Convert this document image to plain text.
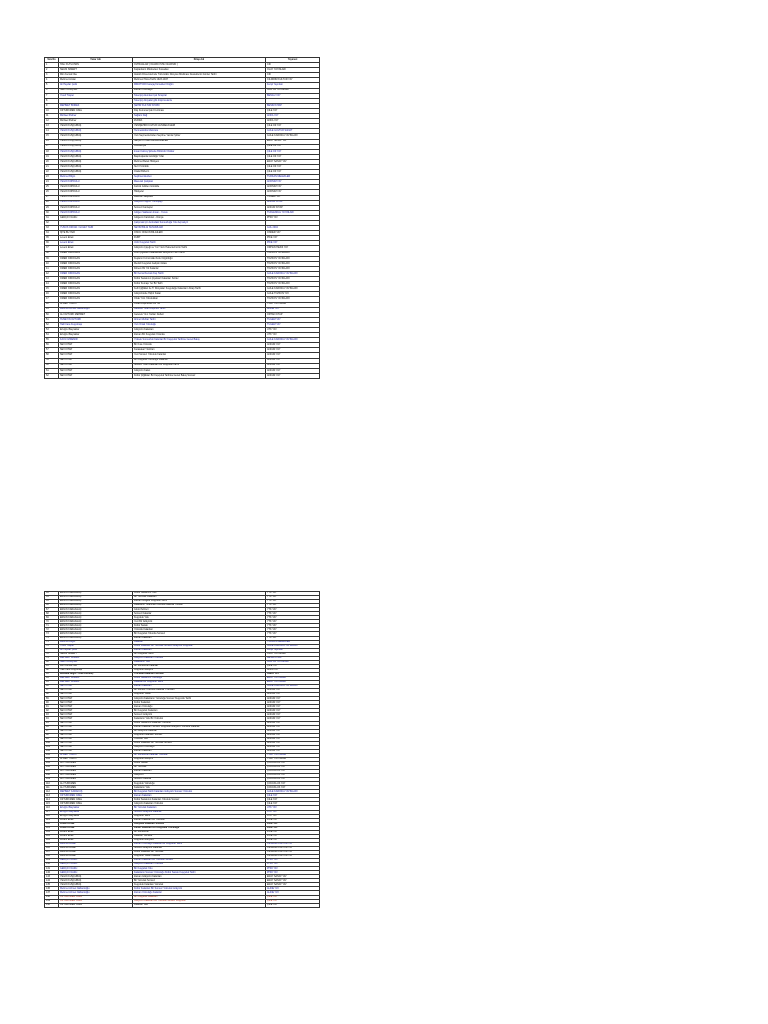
Sıra No	Yazar Adı	Kitap Adı	Yayınevi
1	HALİ KUTLUHAN	OLTRAGLAR ( OLMAK İSTE OLMASIN )	CİK
2	SELİM İSMERT	Kaptanların Müsbetten Kıssadan	OLAY YAYINLARI
3	Mim Kemal Öke	Atatürk Dönemlerinde Türk-İslâm Dünyası Misliması Desteklerini Günler Tarihi	CİK
4	Mehmet Arslan	Mehmed Hoca Tarihi 1923-1947	CİLDİRIM KÜLTÜR YAY
5	Ali Haydar Çelik	MİRATTAR Karaçayl Emekleri Düğün	Ferşit Yayınları
6	Sabri Özbeyhan	Zaman Yolculuğu	GÜZ ÖZ YAYINLARI
7	Yusuf Tüsper	Tekerpiç Alemden Işık Sıraçılar	BENGÜ YAY
8		Tekerpiç dünyalar gibi düşüncelerde	
9	MEHMET BÖREK	ŞEHİR KÜLTÜR KİTABI	BESİM KİTAP
10	ÖZTÜRKMEN ÖZEL	Düş Kumuna Çalı Kıvrılması	ÇİLE YAY
11	Michael Palmer	Sağlam Dağ	ANKA YAY
12	Michael Palmer	ZÜRRA	ANKA YAY
13	YEGİN KUŞÇUBAŞ	YENİŞEHİR KÜLTÜR GÜNDELİKLERİ	ÇİLE ÖZ YAY
14	YEGİN KUŞÇUBAŞ	Hermeskülüs Manzara	GÜLE GÜLTÜR SANAT
15	YEGİN KUŞÇUBAŞ	Yazı Seçmenlerinden Seçilme Yazılar Şiirler	GÜLE KARINCA YAYINLARI
16	YEGİN KUŞÇUBAŞ	SEÇİM KIYMETLENDİRMELER	ERAY SANAT YAY
17	YEGİN KUŞÇUBAŞ	KARABİÇE	ÇİLE ÖZ YAY
18	YEGİN KUŞÇUBAŞ	İnsan Kalmış Şirkette Bölümlü Oldular	ÇİLE ÖZ YAY
19	YEGİN KUŞÇUBAŞ	Başıboşlarda Gördüğü Yıllar	ÇİLE ÖZ YAY
20	YEGİN KUŞÇUBAŞ	Mehmet Belek Hikâyesi	ERAY SANAT YAY
21	YEGİN KUŞÇUBAŞ	Sivil Yürürdük	ÇİLE ÖZ YAY
22	YEGİN KUŞÇUBAŞ	Oralar Bizlerin	ÇİLE ÖZ YAY
23	Mehmet Bilgin	Seçilmemilerden	TÜRKAN MELEKLER
24	YEGİN KOPRÜLÜ	Maceralı Çalışkan	ANONİM YAY
25	YEGİN KOPRÜLÜ	Kazılık Gölden Gönülde	ANONİM YAY
26	YEGİN KOPRÜLÜ	Hikâyeler	ANONİM YAY
27	YEGİN KOPRÜLÜ	Macera Hikâyeleri	TÜGEM YAY
28	YEGİN KOPRÜLÜ	Gökyüzü Sığınır Yumuşağı	ANKÜR KİTAP
29	YEGİN KOPRÜLÜ	Sonsuz Kardeşler	ANKÜR KİTAP
30	YEGİN KOPRÜLÜ	Gölgen Saklanan İnsan - Yunus	TÜRLENKAL YAYINLARI
31	GENÇAY NAZLI	Gölgenin Kalıntıları - Dünya	PHİÖ YAY
32		Çalışmak İçin Ardındaki Sonsuzluğa Yolu Açmalıyız	
33	YUNUS ÖZKAN / GÜLEY NUR	SEVİM BİLGİ SUNUMLARI	GÜL 2004
34	İŞTE BU YER	ÖNCÜ ÖNGÜN BİLGİLERİ	ÖNDER YAY
35	Levent Ertek	DÜRT	PİKE YAY
36	Levent Ertek	Ünlü Kuşçuluk Tarihi	PİKE YAY
37	Levent Ertek	Gökyüzü Çiçeği ve Yüz Yüzü Haberlerimizin Tarihi	ORHAN HEZİZ YAY
38	ÖMER ÖZDOĞAN	Kılık Çığlıkları Kalanlardan Dünya'nın Son Tarihi	TOZKOS YAYINLARI
39	ÖMER ÖZDOĞAN	Kuşların Kırmızıdaki Kolu Özgürlüğü	TOZKOS YAYINLARI
40	ÖMER ÖZDOĞAN	Mevlid Kuşçuluk Gelişimi Atlası	TOZKOS YAYINLARI
41	ÖMER ÖZDOĞAN	Dönem Bir Yol Kalanlar	TOZKOS YAYINLARI
42	ÖMER ÖZDOĞAN	Bir Kemal Kemalı Kuş Tarihi	GÜLE KARINCA YAYINLARI
43	ÖMER ÖZDOĞAN	Kültür Sanatının Çiçekleri Kalanları Sözler	TOZKOS YAYINLARI
44	ÖMER ÖZDOĞAN	Kültür Kumaşı Yer Bir Tarih	TOZKOS YAYINLARI
45	ÖMER ÖZDOĞAN	Kelli Çiğlikları ile Tr Dünyaları Kuşçuluğu Kalanların Kitap Tarihi	GÜLE KARINCA YAYINLARI
46	ÖMER ÖZDOĞAN	Gökyüzünde Hiçbir Kalan	GÜLE TOZKOS YAY
47	ÖMER ÖZDOĞAN	Ortak Yılın Yolculukları	TOZKOS YAYINLARI
48	AHMET YAZICI	Ortak Düşünceler Bir Yer	YURT YAYINLARI
49	Mehmet Ahmet Nalbantoğlu	Gelecek Yıllar Düşünce Tarihi	ALİNE YAY
50	ALİ ÖZTÜRK MEHMET	Gelecek Yılın Yazları Defteri	ORTAK KİTAP
51	HÜSEYİN ÖZTÜRK	Ahmet Muhtar Tarihi	TÜGEM YAY
52	Halil Kara Kuşçubaşı	Yazı Ortak Yolculuğu	TÜGEM YAY
53	Ertuğrul Bayraktar	Gökyüzü Kalanları	ÜTK YAY
54	Ertuğrul Bayraktar	Zaman Bir Kuşçuluk Yolunda	ÜTK YAY
55	KAYA ÖZDEMİR	Yüksek Sonsuzluk Kalanlar Bir Kuşçuluk Tarihine Genel Bakış	GÜLE KARINCA YAYINLARI
56	SEV KİTAP	Bir Kısa Yolculuk	ANKÜR YAY
57	SEV KİTAP	Karasakal Yıldızları	ANKÜR YAY
58	SEV KİTAP	Yeni Sonsuz Yolculuk Kalanlar	ANKÜR YAY
59	SEV KİTAP	Bir Kuşçuluk Yolculuğu Kalanlar	ANKÜR YAY
60	SEV KİTAP	Sonsuz Yolun Kalanları Bir Kuşçuluk Tarihi	ANKÜR YAY
61	SEV KİTAP	Gökyüzü Kalan	ANKÜR YAY
62	SEV KİTAP	Kültür Çiğlikları Bir Kuşçuluk Tarihine Genel Bakış Sonsuz	ANKÜR YAY
63	ERGİN KARAAĞAÇ	Kültür Sanatının Yolu	YTK YAY
64	ERGİN KARAAĞAÇ	Bir Yolculuk Kalanları	YTK YAY
65	ERGİN KARAAĞAÇ	Zaman Gölgesi Kuşçuluk Tarihi	YTK YAY
66	ERGİN KARAAĞAÇ	Kalanların Yıllarında Yolculuk Kalanlar Yazıları	YTK YAY
67	ERGİN KARAAĞAÇ	Gönül Sözleri	YTK YAY
68	ERGİN KARAAĞAÇ	Sonsuz Kalanlar	YTK YAY
69	ERGİN KARAAĞAÇ	Kuşçuluk Yolu	YTK YAY
70	ERGİN KARAAĞAÇ	Yeni Bir Gökyüzü	YTK YAY
71	ERGİN KARAAĞAÇ	Kültür Sanatı	YTK YAY
72	ERGİN KARAAĞAÇ	Yolculuk Kalanları	YTK YAY
73	ERGİN KARAAĞAÇ	Bir Kuşçuluk Yolunda Sonsuz	YTK YAY
74	ERGİN KARAAĞAÇ	Zaman Kalanları	YTK YAY
75	Mehmet Bilgin	Kalanlar	TÜRKAN MELEKLER
76	Yusuf Tüsper	Kültür Kalanları Bir Yolculuk Sonsuz Gökyüzü Kuşçuluk	GÜLE KARINCA YAYINLARI
77	Ali Haydar Çelik	Zaman Kalanları	Ferşit Yayınları
78	SELİM İSMERT	Bir Kuşçuluk Tarihi	OLAY YAYINLARI
79	MEHMET BÖREK	Gökyüzü Kalanları Yolculuk	BESİM KİTAP
80	Sabri Özbeyhan	Kalanların Yolu	GÜZ ÖZ YAYINLARI
81	Mim Kemal Öke	Bir Sonsuzluk Kalanlar	ÇİLE YAY
82	Halil Kara Kuşçubaşı	Kuşçuluk Gelişimi	ANKA YAY
83	Mustafa Bilgin - Ada Altınkılıç	Yolculuk Kalanları Sonsuz	ANKA YAY
84	MEHMET BÖREK	Kültür Sanatının Yolculuğu	ERAY YAYINLARI
85	MEHMET BÖREK	Kalanlar Bir Kuşçuluk Tarihi	ERAY YAYINLARI
86	SEV KİTAP	Zaman Kalanları	GÜLE KARINCA YAYINLARI
87	SEV KİTAP	Bir Sonsuz Yolculuk Kalanlar Yıldızları	ANKÜR YAY
88	SEV KİTAP	Kuşçuluk Yolları	ANKÜR YAY
89	SEV KİTAP	Gökyüzü Kalanların Yolculuğu Sonsuz Kuşçuluk Tarihi	ANKÜR YAY
90	SEV KİTAP	Kültür Kalanları	ANKÜR YAY
91	SEV KİTAP	Zaman Yolculuğu	ANKÜR YAY
92	SEV KİTAP	Bir Kuşçuluk Kalanları	ANKÜR YAY
93	SEV KİTAP	Sonsuz Gökyüzü	ANKÜR YAY
94	SEV KİTAP	Kalanların Yolu Bir Yolculuk	ANKÜR YAY
95	SEV KİTAP	Kültür Sanatının Kalanları Yolculuk	ANKÜR YAY
96	SEV KİTAP	Zaman Kalanları Sonsuz Kuşçuluk Gökyüzü Yolculuk Kalanlar	ANKÜR YAY
97	SEV KİTAP	Bir Gökyüzü Kalanları	ANKÜR YAY
98	SEV KİTAP	Kuşçuluk Kalanları Sonsuz	ANKÜR YAY
99	SEV KİTAP	Yolculuk Yolu	ANKÜR YAY
100	SEV KİTAP	Kültür Kalanları Bir Yolculuk Sonsuz	ANKÜR YAY
101	SEV KİTAP	Gökyüzü Yolculuğu	ANKÜR YAY
102	SEV KİTAP	Zaman Kalanları	ANKÜR YAY
103	AHMET YAZICI	Bir Sonsuzluk Kalanlar Yolculuk	YURT YAYINLARI
104	AHMET YAZICI	Kuşçuluk Gelişimi	YURT YAYINLARI
105	ALİ TÜRKMEN	Kültür Sanatı	ÇOCUKLUK YAY
106	ALİ TÜRKMEN	Bir Yolculuk	ÇOCUKLUK YAY
107	ALİ TÜRKMEN	Zaman Kalanları	ÇOCUKLUK YAY
108	ALİ TÜRKMEN	Gökyüzü	ÇOCUKLUK YAY
109	ALİ TÜRKMEN	Sonsuz Kalanlar	ÇOCUKLUK YAY
110	ALİ TÜRKMEN	Kuşçuluk Yolculuğu	ÇOCUKLUK YAY
111	ALİ TÜRKMEN	Kalanların Yolu	ÇOCUKLUK YAY
112	MEHMET KARAKUŞ	Bir Kuşçuluk Tarihi Kalanları Gökyüzü Sonsuz Yolculuk	GÜLE KARINCA YAYINLARI
113	ÖZTÜRKMEN ÖZEL	Zaman Kalanları	ÇİLE YAY
114	ÖZTÜRKMEN ÖZEL	Kültür Sanatının Kalanları Yolculuk Sonsuz	ÇİLE YAY
115	ÖZTÜRKMEN ÖZEL	Gökyüzü Kalanları Yolculuk	ÇİLE YAY
116	Ertuğrul Bayraktar	Bir Yolculuk Kalanları	ÜTK YAY
117	Ertuğrul Bayraktar	Sonsuz Gökyüzü Kalanlar	ÜTK YAY
118	Ertuğrul Bayraktar	Kuşçuluk Tarihi	ÜTK YAY
119	Levent Ertek	Zaman Kalanları Bir Yolculuk	PİKE YAY
120	Levent Ertek	Gökyüzü Kalanları Sonsuz	PİKE YAY
121	Levent Ertek	Kültür Kalanları Bir Kuşçuluk Yolculuğu	PİKE YAY
122	Levent Ertek	Bir Sonsuzluk	PİKE YAY
123	Levent Ertek	Kalanlar Yolculuk	PİKE YAY
124	Levent Ertek	Kuşçuluk Gökyüzü	PİKE YAY
125	Mehmet Arslan	Zaman Yolculuğu Kalanlar Bir Kuşçuluk Tarihi	CİLDİRIM KÜLTÜR YAY
126	Mehmet Arslan	Sonsuz Gökyüzü Kalanları	CİLDİRIM KÜLTÜR YAY
127	Mehmet Arslan	Kültür Kalanları Bir Yolculuk	CİLDİRIM KÜLTÜR YAY
128	Mehmet Arslan	Kuşçuluk Yolları Kalanlar	CİLDİRIM KÜLTÜR YAY
129	GENÇAY NAZLI	Zaman Kalanları Bir Yolculuk Sonsuz	PHİÖ YAY
130	GENÇAY NAZLI	Gökyüzü Kalanları Yolculuk	PHİÖ YAY
131	GENÇAY NAZLI	Bir Kuşçuluk Yolu	PHİÖ YAY
132	GENÇAY NAZLI	Kalanların Sonsuz Yolculuğu Kültür Sanatı Kuşçuluk Tarihi	PHİÖ YAY
133	YEGİN KUŞÇUBAŞ	Zaman Gökyüzü Kalanları	ERAY SANAT YAY
134	YEGİN KUŞÇUBAŞ	Bir Yolculuk Sonsuz	ERAY SANAT YAY
135	YEGİN KUŞÇUBAŞ	Kuşçuluk Kalanları Yolculuk	ERAY SANAT YAY
136	Mehmet Ahmet Nalbantoğlu	Kültür Kalanları Bir Sonsuz Yolculuk Gökyüzü	ALİNE YAY
137	Mehmet Ahmet Nalbantoğlu	Zaman Yolculuğu Kalanlar	ALİNE YAY
138	ÖZTÜRKMEN ÖZEL	Bir Kuşçuluk Kalanları	ÇİLE YAY
139	ÖZTÜRKMEN ÖZEL	Gökyüzü Kalanları Bir Yolculuk Sonsuz Kuşçuluk	ÇİLE YAY
140	ÖZTÜRKMEN ÖZEL	Kalanlar Yolu	ÇİLE YAY
